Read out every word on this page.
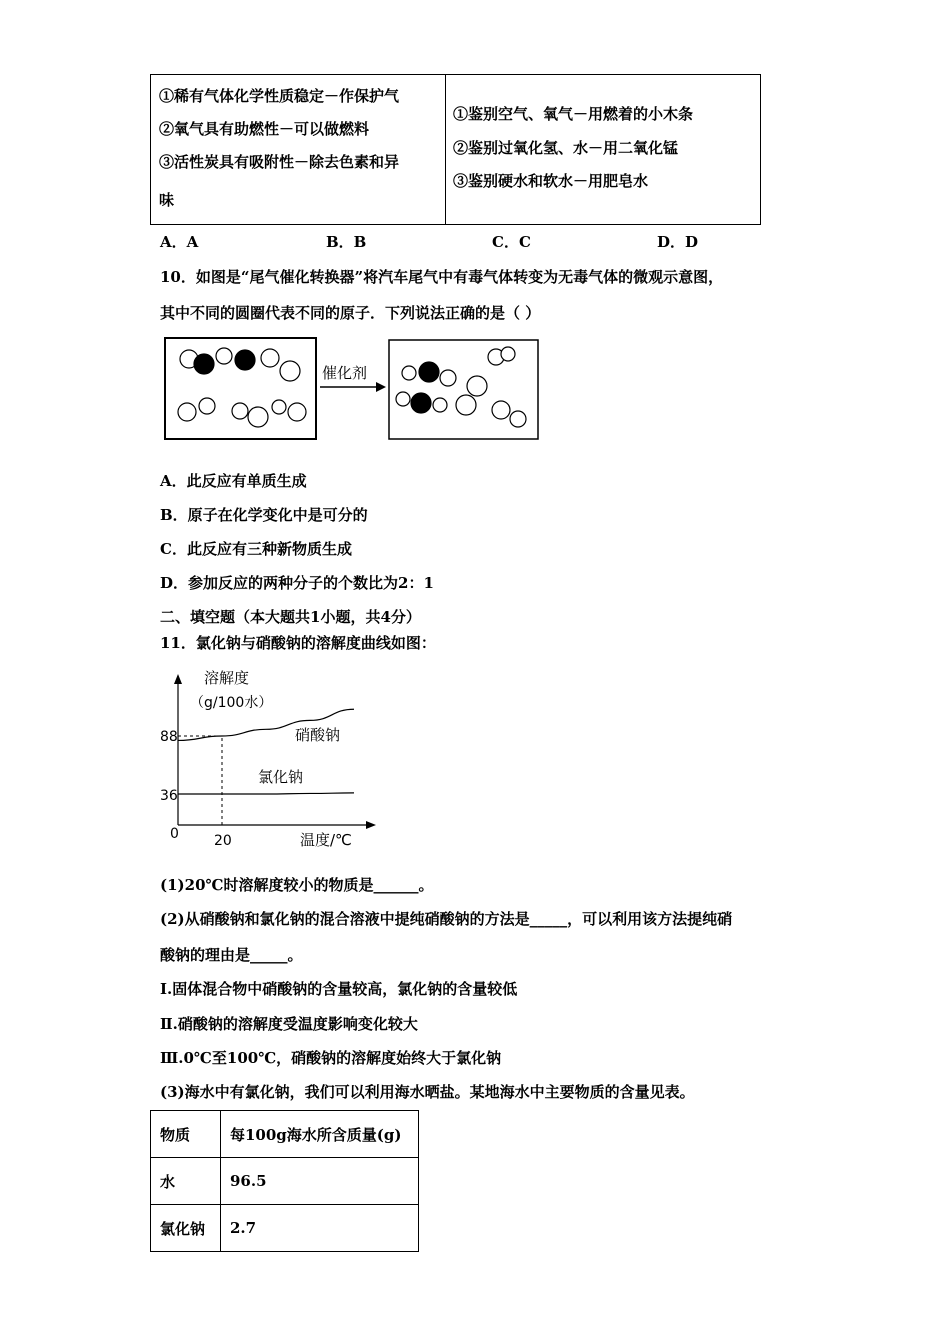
①稀有气体化学性质稳定－作保护气
②氧气具有助燃性－可以做燃料
③活性炭具有吸附性－除去色素和异
味
①鉴别空气、氧气－用燃着的小木条
②鉴别过氧化氢、水－用二氧化锰
③鉴别硬水和软水－用肥皂水
A．A	B．B	C．C	D．D
10．如图是“尾气催化转换器”将汽车尾气中有毒气体转变为无毒气体的微观示意图，
其中不同的圆圈代表不同的原子．下列说法正确的是（ ）
催化剂
A．此反应有单质生成
B．原子在化学变化中是可分的
C．此反应有三种新物质生成
D．参加反应的两种分子的个数比为2：1
二、填空题（本大题共1小题，共4分）
11．氯化钠与硝酸钠的溶解度曲线如图：
溶解度
（g/100水）
温度/℃
0	20
88
36
硝酸钠
氯化钠
(1)20℃时溶解度较小的物质是______。
(2)从硝酸钠和氯化钠的混合溶液中提纯硝酸钠的方法是_____，可以利用该方法提纯硝
酸钠的理由是_____。
Ⅰ.固体混合物中硝酸钠的含量较高，氯化钠的含量较低
Ⅱ.硝酸钠的溶解度受温度影响变化较大
Ⅲ.0℃至100℃，硝酸钠的溶解度始终大于氯化钠
(3)海水中有氯化钠，我们可以利用海水晒盐。某地海水中主要物质的含量见表。
物质	每100g海水所含质量(g)
水	96.5
氯化钠	2.7
